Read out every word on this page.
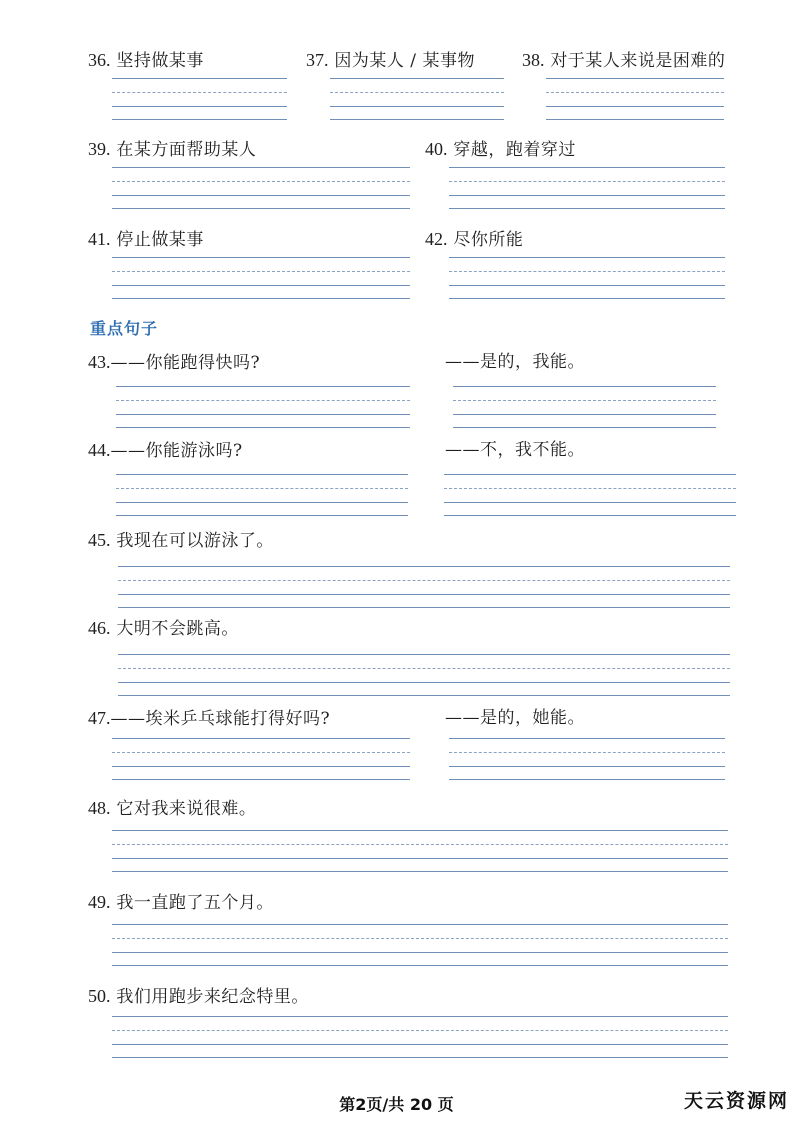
36. 坚持做某事	37. 因为某人 / 某事物	38. 对于某人来说是困难的
39. 在某方面帮助某人	40. 穿越，跑着穿过
41. 停止做某事	42. 尽你所能
重点句子
43.——你能跑得快吗?	——是的，我能。
44.——你能游泳吗?	——不，我不能。
45. 我现在可以游泳了。
46. 大明不会跳高。
47.——埃米乒乓球能打得好吗?	——是的，她能。
48. 它对我来说很难。
49. 我一直跑了五个月。
50. 我们用跑步来纪念特里。
第2页/共 20 页	天云资源网
